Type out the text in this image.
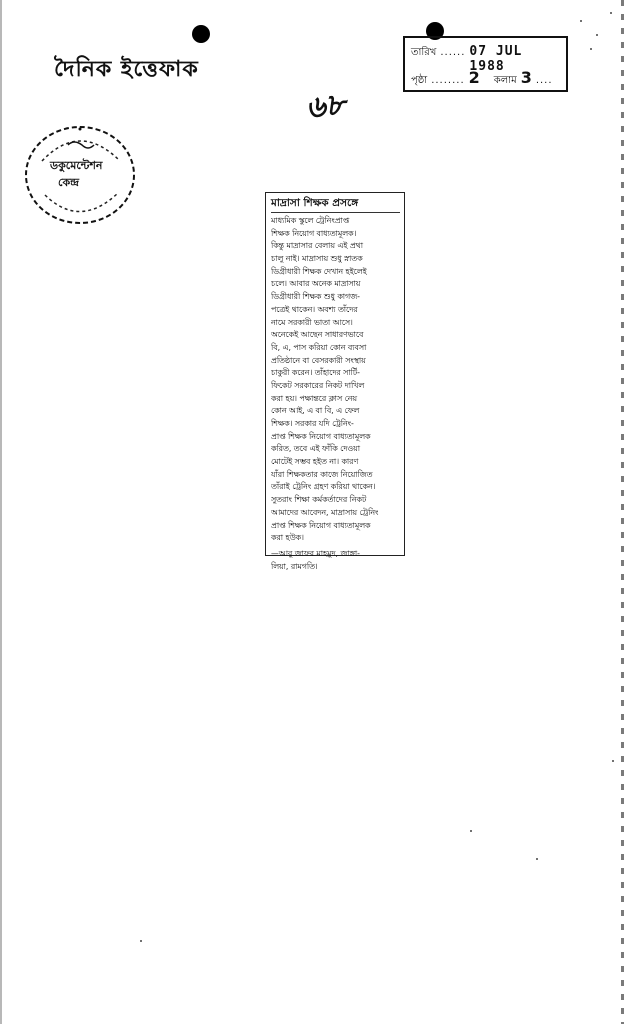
দৈনিক ইত্তেফাক
তারিখ ...... 07 JUL 1988
পৃষ্ঠা ........ 2 কলাম 3 ....
৬৮
ডকুমেন্টেশন
কেন্দ্র
মাদ্রাসা শিক্ষক প্রসঙ্গে
মাধ্যমিক স্কুলে ট্রেনিংপ্রাপ্ত
শিক্ষক নিয়োগ বাধ্যতামূলক।
কিন্তু মাদ্রাসার বেলায় এই প্রথা
চালু নাই। মাদ্রাসায় শুধু স্নাতক
ডিগ্রীধারী শিক্ষক দেখান হইলেই
চলে। আবার অনেক মাদ্রাসায়
ডিগ্রীধারী শিক্ষক শুধু কাগজ-
পত্রেই থাকেন। অবশ্য তাঁদের
নামে সরকারী ভাতা আসে।
অনেকেই আছেন সাধারণভাবে
বি, এ, পাস করিয়া কোন ব্যবসা
প্রতিষ্ঠানে বা বেসরকারী সংস্থায়
চাকুরী করেন। তাঁহাদের সার্টি-
ফিকেট সরকারের নিকট দাখিল
করা হয়। পক্ষান্তরে ক্লাস নেয়
কোন আই, এ বা বি, এ ফেল
শিক্ষক। সরকার যদি ট্রেনিং-
প্রাপ্ত শিক্ষক নিয়োগ বাধ্যতামূলক
করিত, তবে এই ফাঁকি দেওয়া
মোটেই সম্ভব হইত না। কারণ
যাঁরা শিক্ষকতার কাজে নিয়োজিত
তাঁরাই ট্রেনিং গ্রহণ করিয়া থাকেন।
সুতরাং শিক্ষা কর্মকর্তাদের নিকট
আমাদের আবেদন, মাদ্রাসায় ট্রেনিং
প্রাপ্ত শিক্ষক নিয়োগ বাধ্যতামূলক
করা হউক।
—আবু জাফর মাহমুদ, জাঙ্গা-
লিয়া, রামগতি।
